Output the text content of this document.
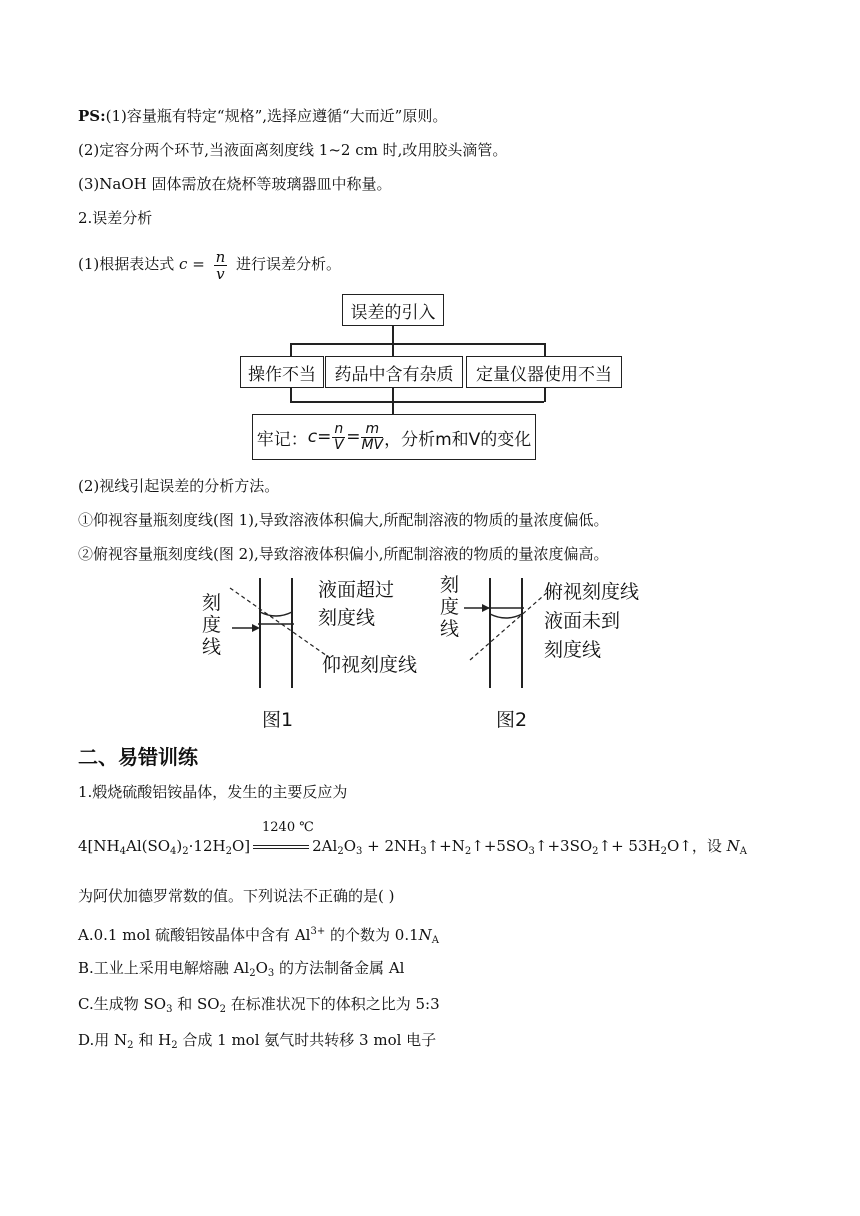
PS:(1)容量瓶有特定“规格”,选择应遵循“大而近”原则。
(2)定容分两个环节,当液面离刻度线 1~2 cm 时,改用胶头滴管。
(3)NaOH 固体需放在烧杯等玻璃器皿中称量。
2.误差分析
(1)根据表达式 $c = \frac{n}{v}$ 进行误差分析。
误差的引入
操作不当	药品中含有杂质	定量仪器使用不当
牢记： $c = \frac{n}{V} = \frac{m}{MV}$ ，分析m和V的变化
(2)视线引起误差的分析方法。
①仰视容量瓶刻度线(图 1),导致溶液体积偏大,所配制溶液的物质的量浓度偏低。
②俯视容量瓶刻度线(图 2),导致溶液体积偏小,所配制溶液的物质的量浓度偏高。
刻
度
线
液面超过
刻度线
仰视刻度线
图1
刻
度
线
俯视刻度线
液面未到
刻度线
图2
二、易错训练
1.煅烧硫酸铝铵晶体，发生的主要反应为
1240 ℃
$4[NH_4Al(SO_4)_2\cdot 12H_2O]$	$2Al_2O_3$ + $2NH_3↑+N_2↑+5SO_3↑+3SO_2↑+$ $53H_2O↑$，设 $N_A$
为阿伏加德罗常数的值。下列说法不正确的是( )
A.0.1 mol 硫酸铝铵晶体中含有 $Al^{3+}$ 的个数为 $0.1N_A$
B.工业上采用电解熔融 $Al_2O_3$ 的方法制备金属 Al
C.生成物 $SO_3$ 和 $SO_2$ 在标准状况下的体积之比为 5:3
D.用 $N_2$ 和 $H_2$ 合成 1 mol 氨气时共转移 3 mol 电子
